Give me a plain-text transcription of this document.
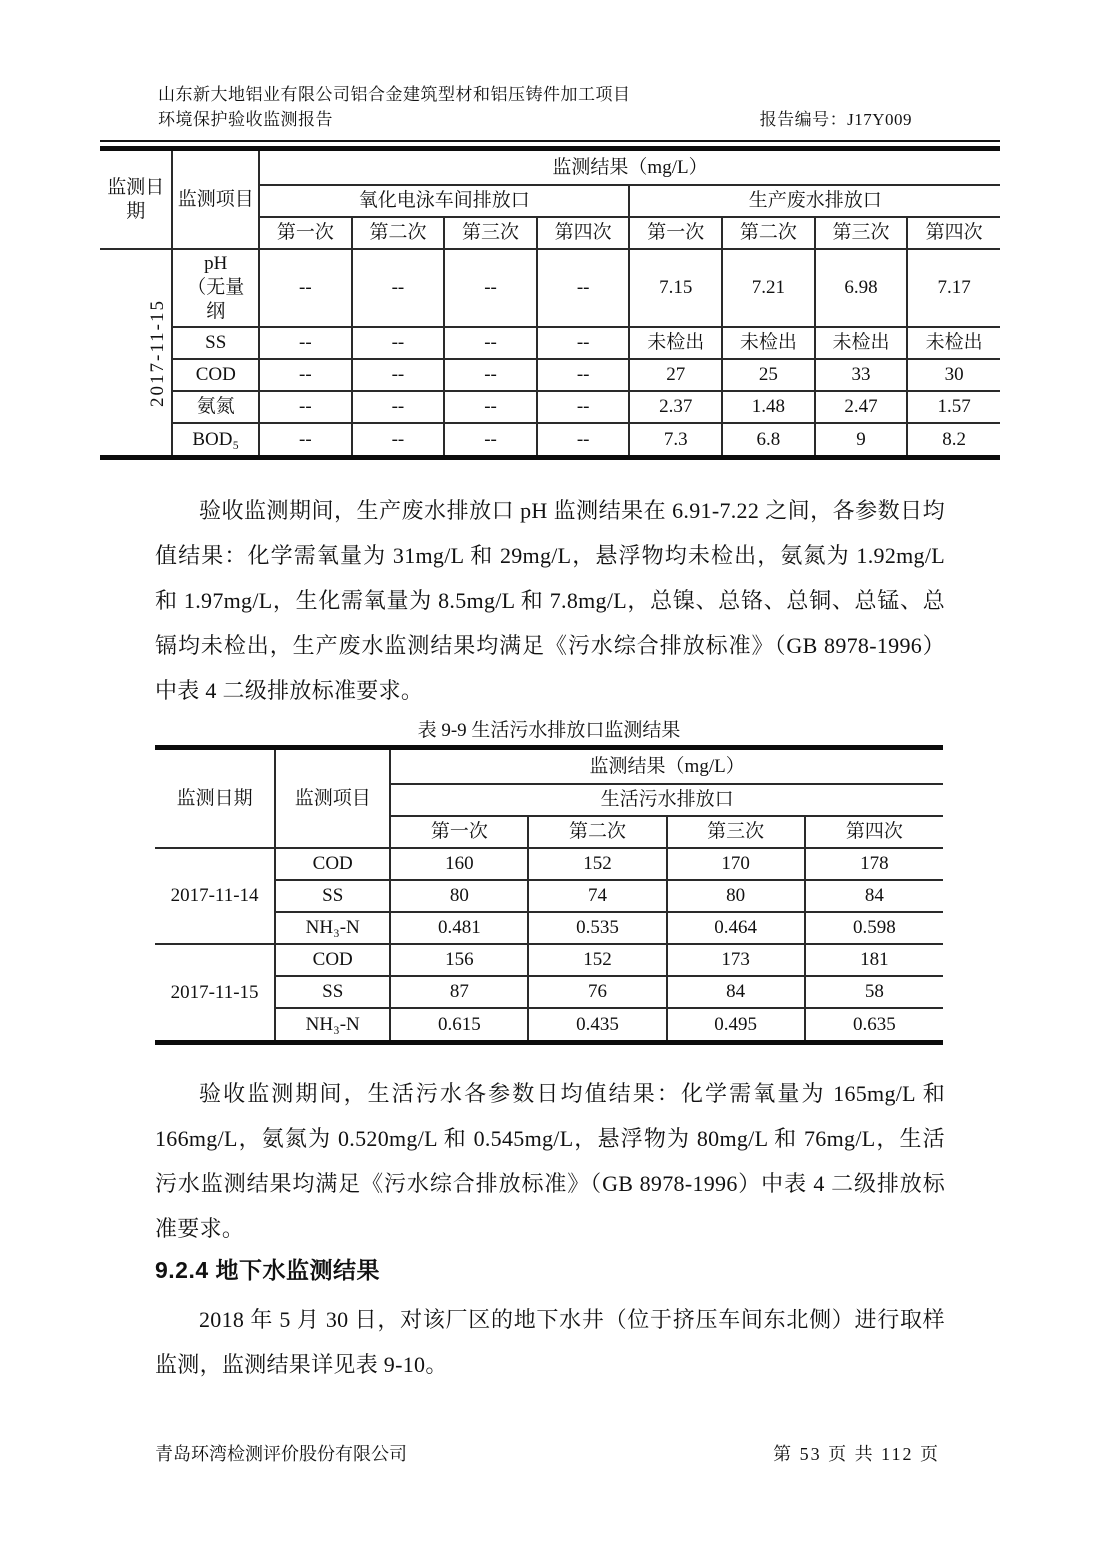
山东新大地铝业有限公司铝合金建筑型材和铝压铸件加工项目
环境保护验收监测报告	报告编号：J17Y009
监测日期	监测项目	监测结果（mg/L）							
		氧化电泳车间排放口				生产废水排放口			
		第一次	第二次	第三次	第四次	第一次	第二次	第三次	第四次
2017-11-15	pH（无量纲	--	--	--	--	7.15	7.21	6.98	7.17
	SS	--	--	--	--	未检出	未检出	未检出	未检出
	COD	--	--	--	--	27	25	33	30
	氨氮	--	--	--	--	2.37	1.48	2.47	1.57
	BOD₅	--	--	--	--	7.3	6.8	9	8.2

验收监测期间，生产废水排放口 pH 监测结果在 6.91-7.22 之间，各参数日均值结果：化学需氧量为 31mg/L 和 29mg/L，悬浮物均未检出，氨氮为 1.92mg/L 和 1.97mg/L，生化需氧量为 8.5mg/L 和 7.8mg/L，总镍、总铬、总铜、总锰、总镉均未检出，生产废水监测结果均满足《污水综合排放标准》（GB 8978-1996）中表 4 二级排放标准要求。

表 9-9 生活污水排放口监测结果
监测日期	监测项目	监测结果（mg/L）			
		生活污水排放口			
		第一次	第二次	第三次	第四次
2017-11-14	COD	160	152	170	178
	SS	80	74	80	84
	NH₃-N	0.481	0.535	0.464	0.598
2017-11-15	COD	156	152	173	181
	SS	87	76	84	58
	NH₃-N	0.615	0.435	0.495	0.635

验收监测期间，生活污水各参数日均值结果：化学需氧量为 165mg/L 和 166mg/L，氨氮为 0.520mg/L 和 0.545mg/L，悬浮物为 80mg/L 和 76mg/L，生活污水监测结果均满足《污水综合排放标准》（GB 8978-1996）中表 4 二级排放标准要求。

9.2.4 地下水监测结果

2018 年 5 月 30 日，对该厂区的地下水井（位于挤压车间东北侧）进行取样监测，监测结果详见表 9-10。

青岛环湾检测评价股份有限公司	第 53 页 共 112 页
